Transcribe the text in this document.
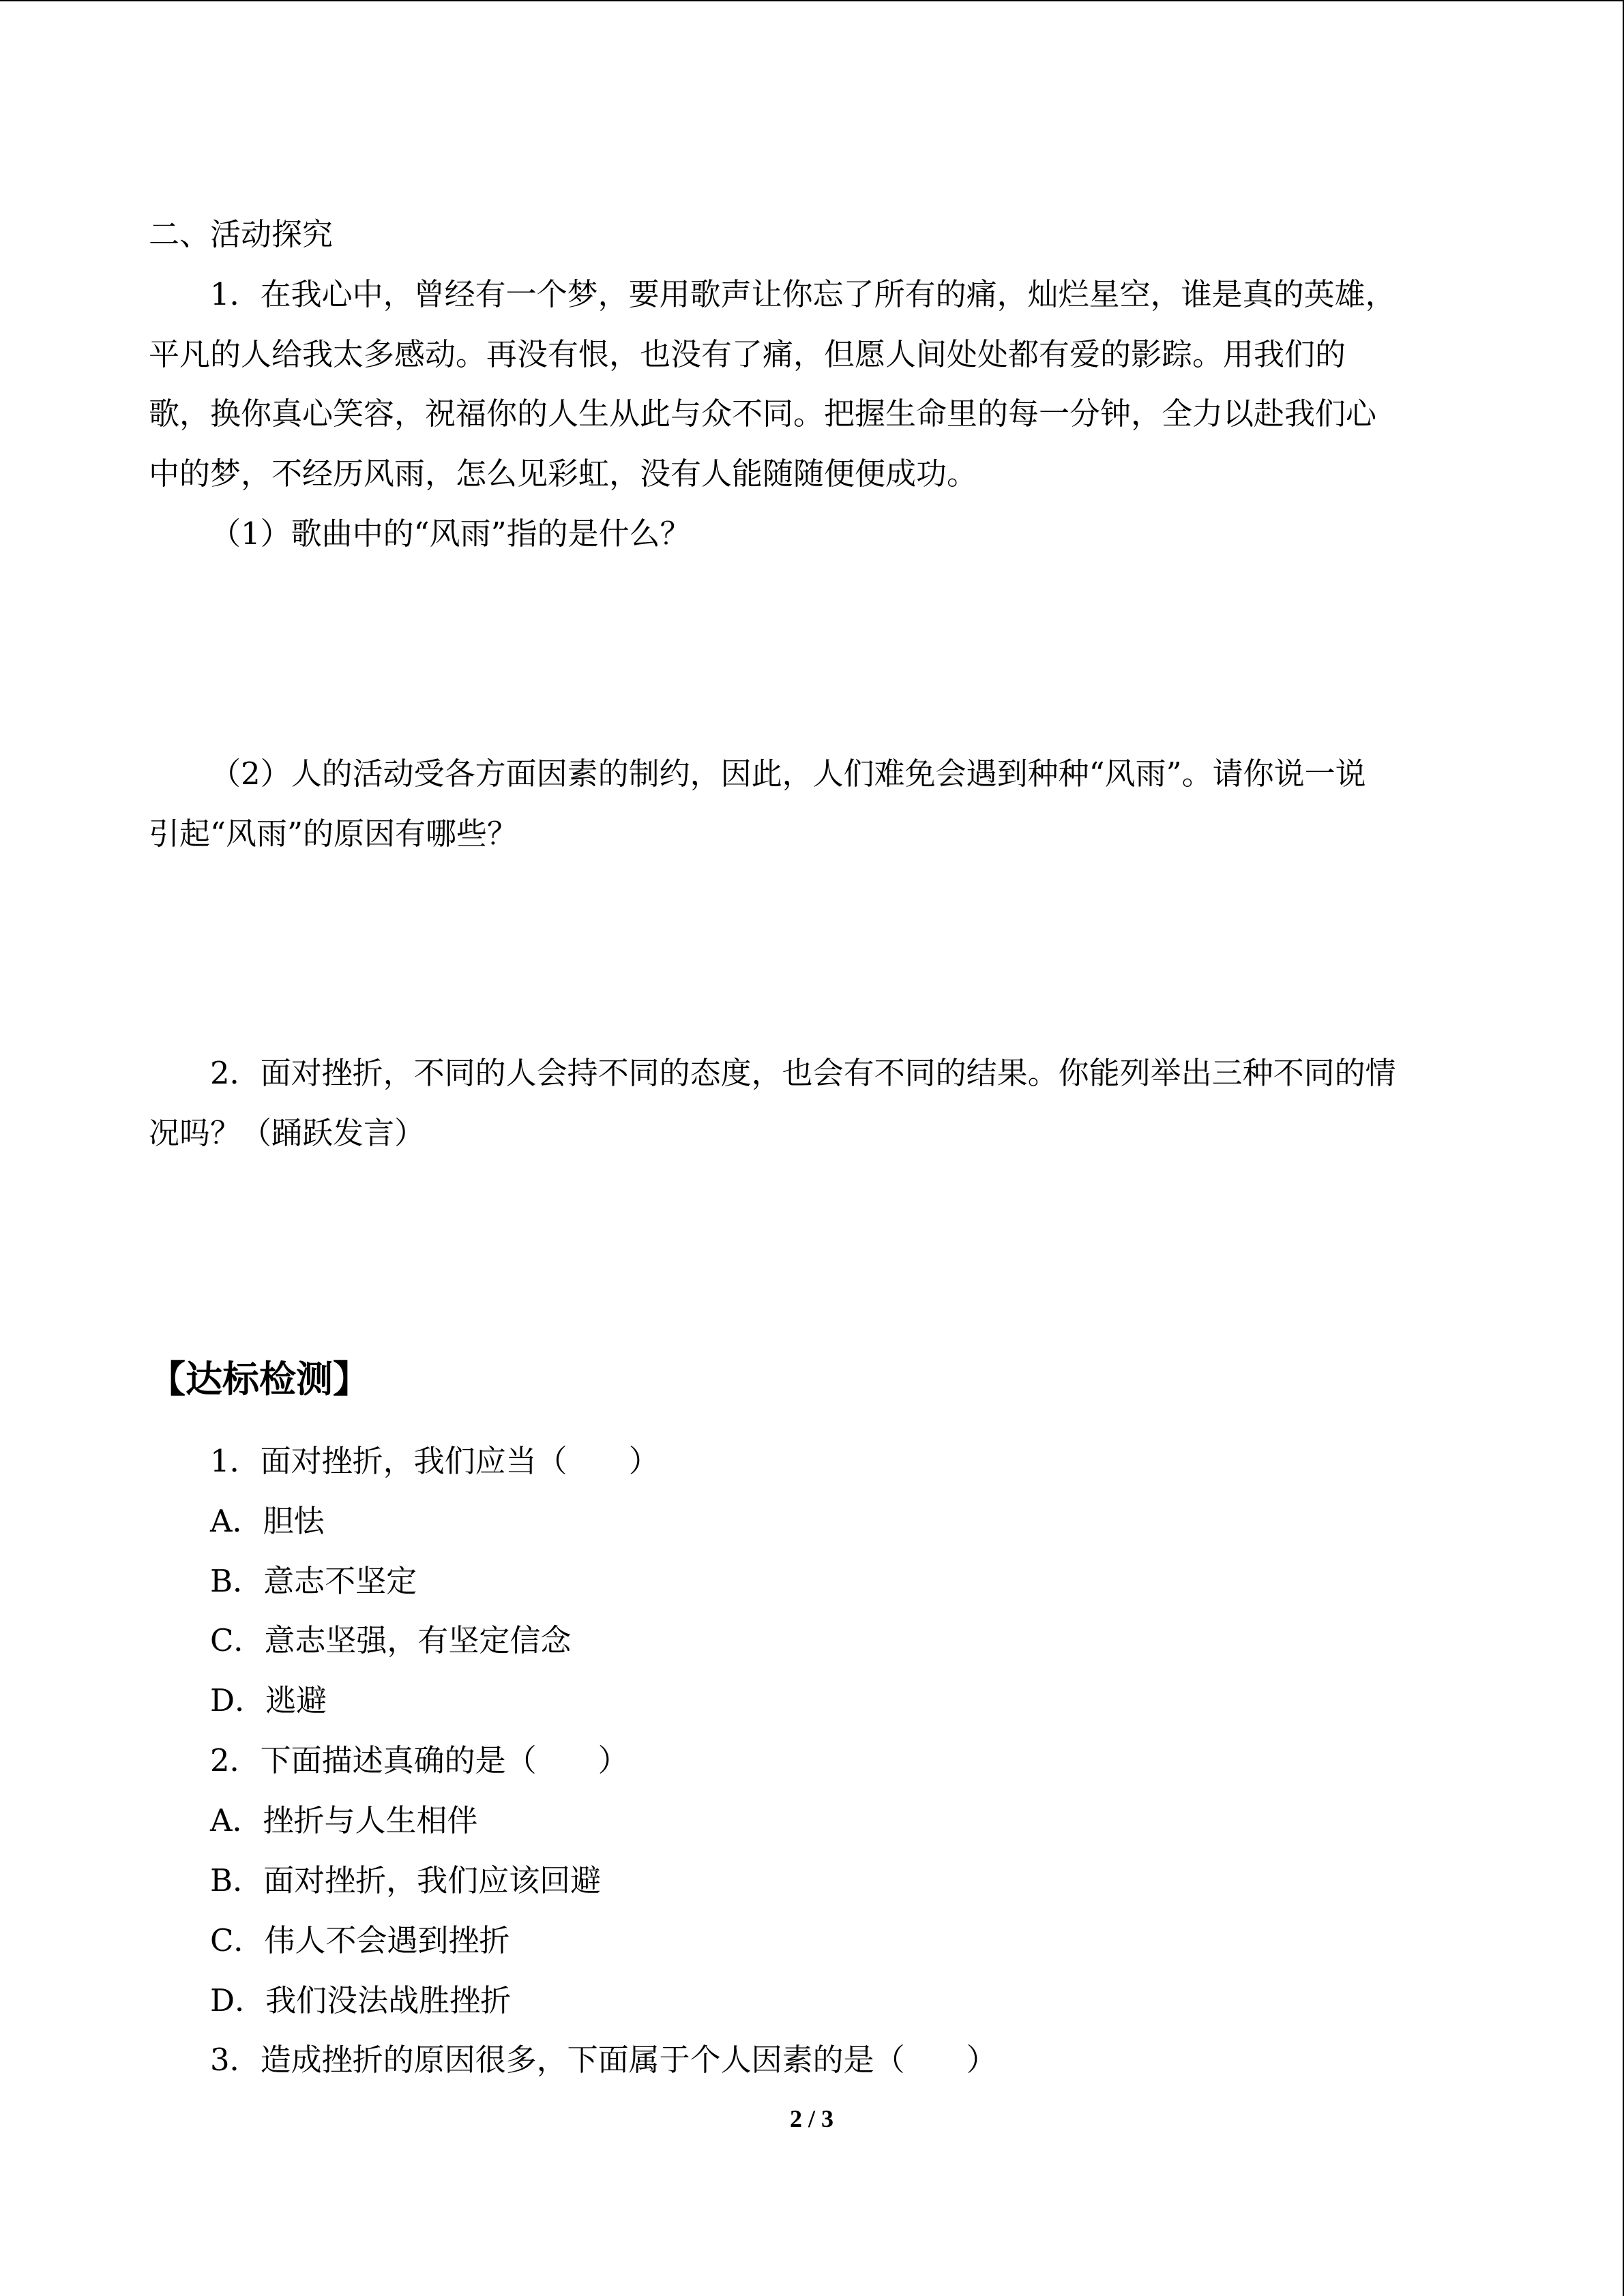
二、活动探究

1．在我心中，曾经有一个梦，要用歌声让你忘了所有的痛，灿烂星空，谁是真的英雄，

平凡的人给我太多感动。再没有恨，也没有了痛，但愿人间处处都有爱的影踪。用我们的

歌，换你真心笑容，祝福你的人生从此与众不同。把握生命里的每一分钟，全力以赴我们心

中的梦，不经历风雨，怎么见彩虹，没有人能随随便便成功。

（1）歌曲中的“风雨”指的是什么？

（2）人的活动受各方面因素的制约，因此，人们难免会遇到种种“风雨”。请你说一说

引起“风雨”的原因有哪些？

2．面对挫折，不同的人会持不同的态度，也会有不同的结果。你能列举出三种不同的情

况吗？（踊跃发言）

【达标检测】

1．面对挫折，我们应当（　　）

A．胆怯

B．意志不坚定

C．意志坚强，有坚定信念

D．逃避

2．下面描述真确的是（　　）

A．挫折与人生相伴

B．面对挫折，我们应该回避

C．伟人不会遇到挫折

D．我们没法战胜挫折

3．造成挫折的原因很多，下面属于个人因素的是（　　）

2 / 3
